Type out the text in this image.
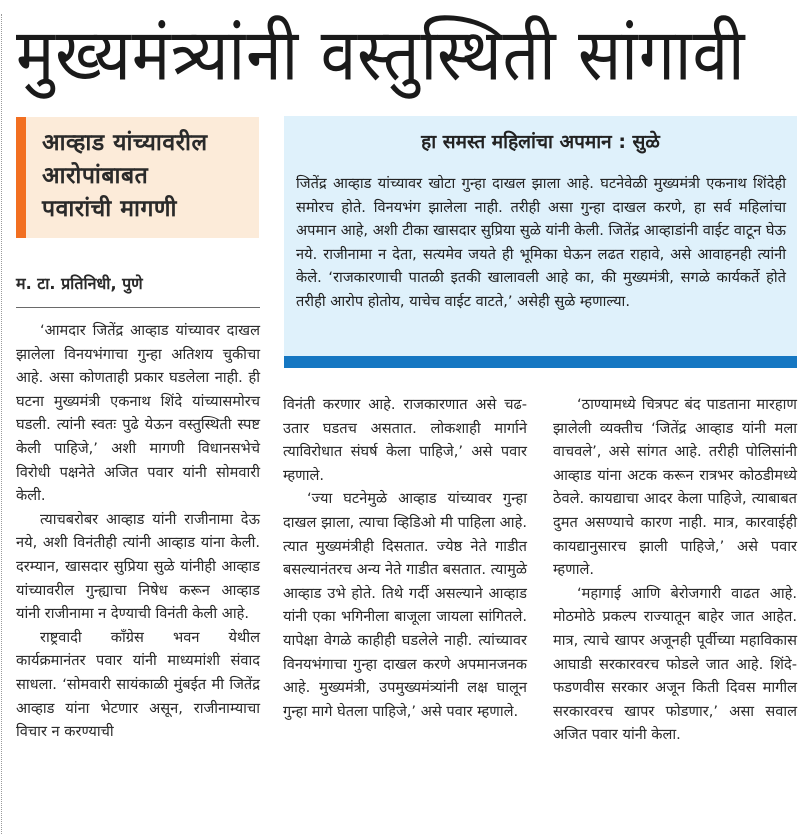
मुख्यमंत्र्यांनी वस्तुस्थिती सांगावी
आव्हाड यांच्यावरील
आरोपांबाबत
पवारांची मागणी
म. टा. प्रतिनिधी, पुणे
हा समस्त महिलांचा अपमान : सुळे

जितेंद्र आव्हाड यांच्यावर खोटा गुन्हा दाखल झाला आहे. घटनेवेळी मुख्यमंत्री एकनाथ शिंदेही समोरच होते. विनयभंग झालेला नाही. तरीही असा गुन्हा दाखल करणे, हा सर्व महिलांचा अपमान आहे, अशी टीका खासदार सुप्रिया सुळे यांनी केली. जितेंद्र आव्हाडांनी वाईट वाटून घेऊ नये. राजीनामा न देता, सत्यमेव जयते ही भूमिका घेऊन लढत राहावे, असे आवाहनही त्यांनी केले. ‘राजकारणाची पातळी इतकी खालावली आहे का, की मुख्यमंत्री, सगळे कार्यकर्ते होते तरीही आरोप होतोय, याचेच वाईट वाटते,’ असेही सुळे म्हणाल्या.

‘आमदार जितेंद्र आव्हाड यांच्यावर दाखल झालेला विनयभंगाचा गुन्हा अतिशय चुकीचा आहे. असा कोणताही प्रकार घडलेला नाही. ही घटना मुख्यमंत्री एकनाथ शिंदे यांच्यासमोरच घडली. त्यांनी स्वतः पुढे येऊन वस्तुस्थिती स्पष्ट केली पाहिजे,’ अशी मागणी विधानसभेचे विरोधी पक्षनेते अजित पवार यांनी सोमवारी केली.

त्याचबरोबर आव्हाड यांनी राजीनामा देऊ नये, अशी विनंतीही त्यांनी आव्हाड यांना केली. दरम्यान, खासदार सुप्रिया सुळे यांनीही आव्हाड यांच्यावरील गुन्ह्याचा निषेध करून आव्हाड यांनी राजीनामा न देण्याची विनंती केली आहे.

राष्ट्रवादी काँग्रेस भवन येथील कार्यक्रमानंतर पवार यांनी माध्यमांशी संवाद साधला. ‘सोमवारी सायंकाळी मुंबईत मी जितेंद्र आव्हाड यांना भेटणार असून, राजीनाम्याचा विचार न करण्याची

विनंती करणार आहे. राजकारणात असे चढ-उतार घडतच असतात. लोकशाही मार्गाने त्याविरोधात संघर्ष केला पाहिजे,’ असे पवार म्हणाले.

‘ज्या घटनेमुळे आव्हाड यांच्यावर गुन्हा दाखल झाला, त्याचा व्हिडिओ मी पाहिला आहे. त्यात मुख्यमंत्रीही दिसतात. ज्येष्ठ नेते गाडीत बसल्यानंतरच अन्य नेते गाडीत बसतात. त्यामुळे आव्हाड उभे होते. तिथे गर्दी असल्याने आव्हाड यांनी एका भगिनीला बाजूला जायला सांगितले. यापेक्षा वेगळे काहीही घडलेले नाही. त्यांच्यावर विनयभंगाचा गुन्हा दाखल करणे अपमानजनक आहे. मुख्यमंत्री, उपमुख्यमंत्र्यांनी लक्ष घालून गुन्हा मागे घेतला पाहिजे,’ असे पवार म्हणाले.

‘ठाण्यामध्ये चित्रपट बंद पाडताना मारहाण झालेली व्यक्तीच ‘जितेंद्र आव्हाड यांनी मला वाचवले’, असे सांगत आहे. तरीही पोलिसांनी आव्हाड यांना अटक करून रात्रभर कोठडीमध्ये ठेवले. कायद्याचा आदर केला पाहिजे, त्याबाबत दुमत असण्याचे कारण नाही. मात्र, कारवाईही कायद्यानुसारच झाली पाहिजे,’ असे पवार म्हणाले.

‘महागाई आणि बेरोजगारी वाढत आहे. मोठमोठे प्रकल्प राज्यातून बाहेर जात आहेत. मात्र, त्याचे खापर अजूनही पूर्वीच्या महाविकास आघाडी सरकारवरच फोडले जात आहे. शिंदे-फडणवीस सरकार अजून किती दिवस मागील सरकारवरच खापर फोडणार,’ असा सवाल अजित पवार यांनी केला.
